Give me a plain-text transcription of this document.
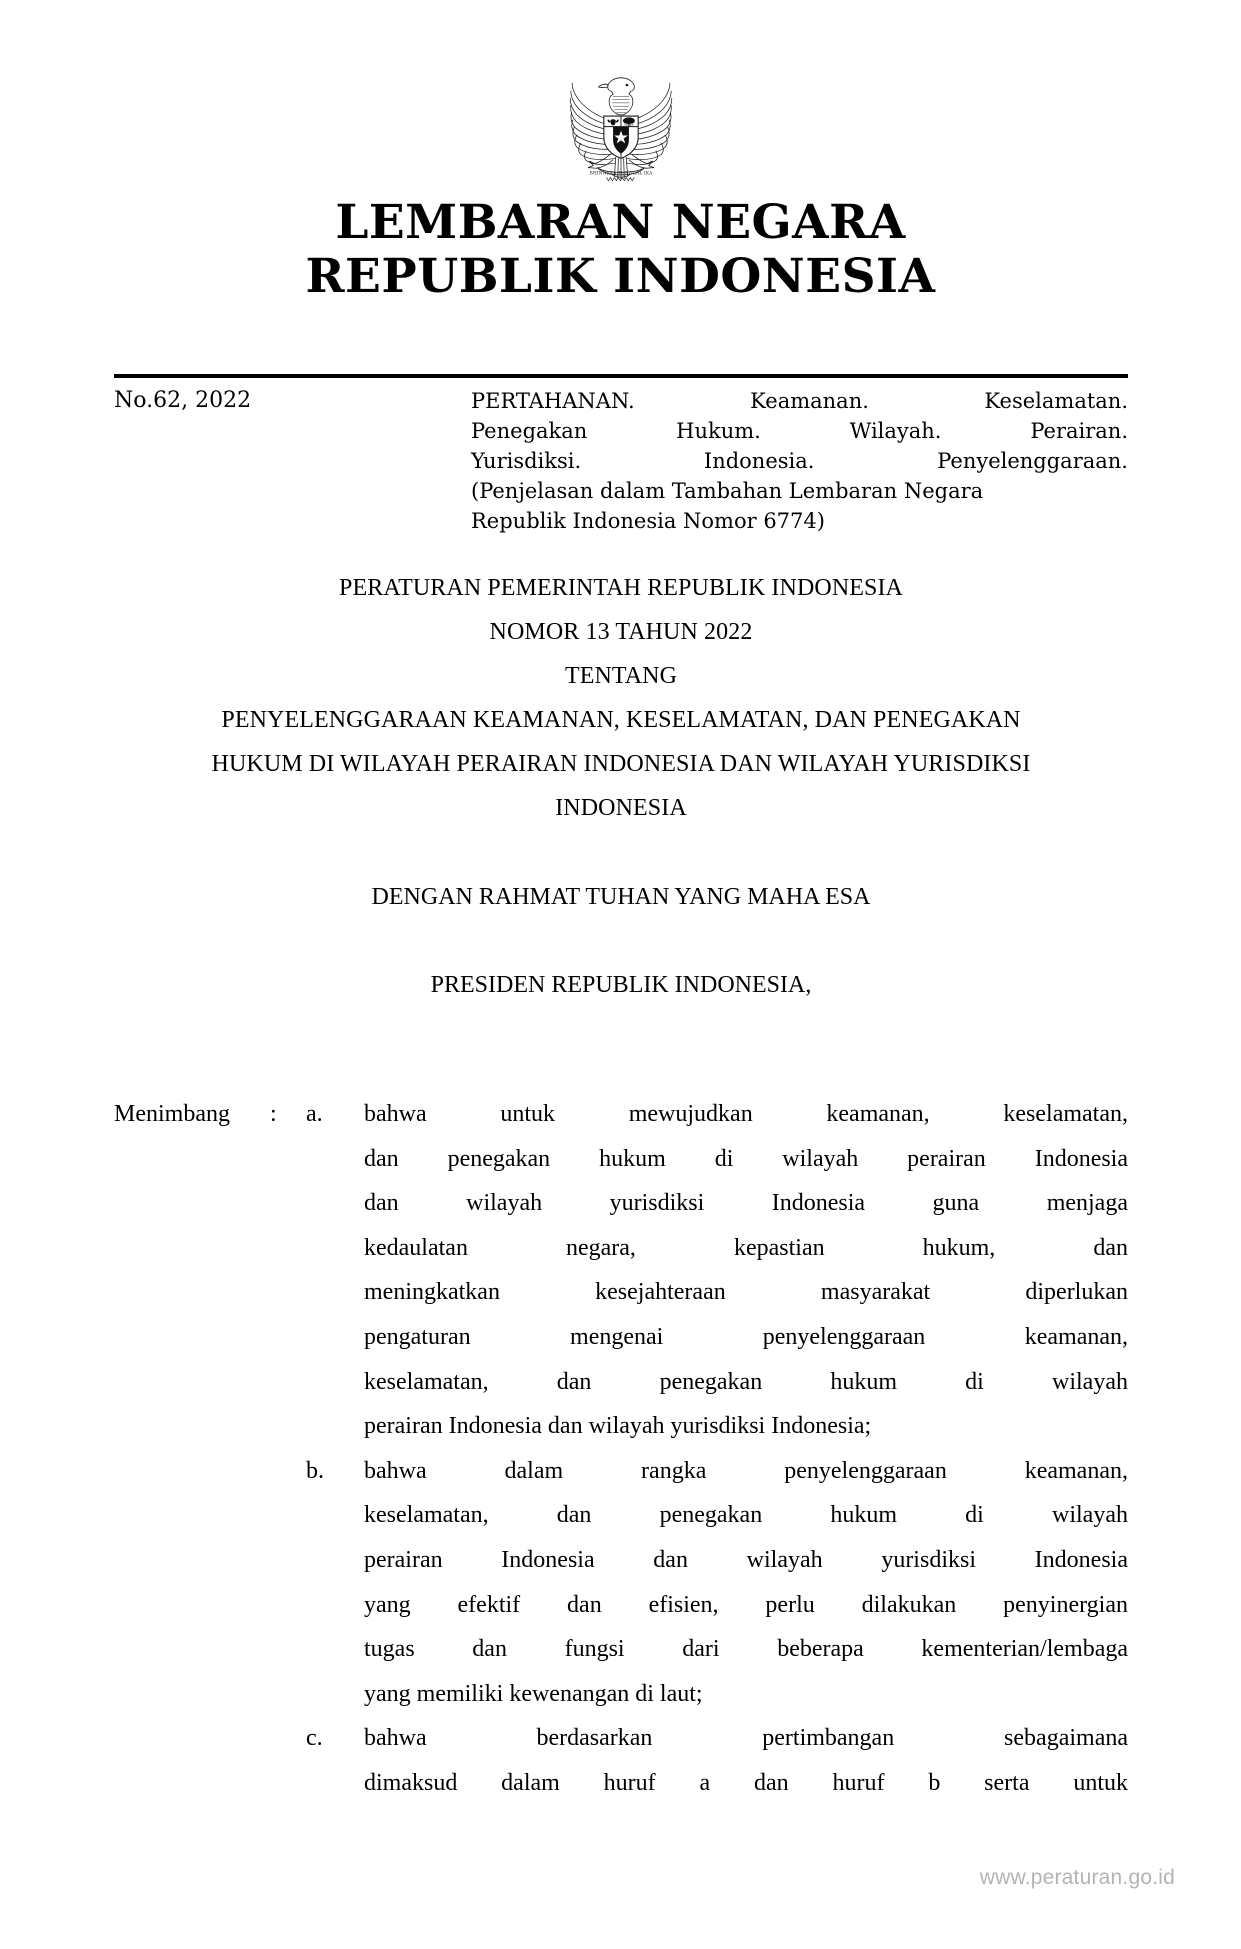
BHINNEKA TUNGGAL IKA
LEMBARAN NEGARA
REPUBLIK INDONESIA
No.62, 2022	PERTAHANAN. Keamanan. Keselamatan.
Penegakan Hukum. Wilayah. Perairan.
Yurisdiksi. Indonesia. Penyelenggaraan.
(Penjelasan dalam Tambahan Lembaran Negara
Republik Indonesia Nomor 6774)
PERATURAN PEMERINTAH REPUBLIK INDONESIA
NOMOR 13 TAHUN 2022
TENTANG
PENYELENGGARAAN KEAMANAN, KESELAMATAN, DAN PENEGAKAN
HUKUM DI WILAYAH PERAIRAN INDONESIA DAN WILAYAH YURISDIKSI
INDONESIA
DENGAN RAHMAT TUHAN YANG MAHA ESA
PRESIDEN REPUBLIK INDONESIA,
Menimbang	:	a.	bahwa untuk mewujudkan keamanan, keselamatan,
dan penegakan hukum di wilayah perairan Indonesia
dan wilayah yurisdiksi Indonesia guna menjaga
kedaulatan negara, kepastian hukum, dan
meningkatkan kesejahteraan masyarakat diperlukan
pengaturan mengenai penyelenggaraan keamanan,
keselamatan, dan penegakan hukum di wilayah
perairan Indonesia dan wilayah yurisdiksi Indonesia;
b.	bahwa dalam rangka penyelenggaraan keamanan,
keselamatan, dan penegakan hukum di wilayah
perairan Indonesia dan wilayah yurisdiksi Indonesia
yang efektif dan efisien, perlu dilakukan penyinergian
tugas dan fungsi dari beberapa kementerian/lembaga
yang memiliki kewenangan di laut;
c.	bahwa berdasarkan pertimbangan sebagaimana
dimaksud dalam huruf a dan huruf b serta untuk
www.peraturan.go.id
